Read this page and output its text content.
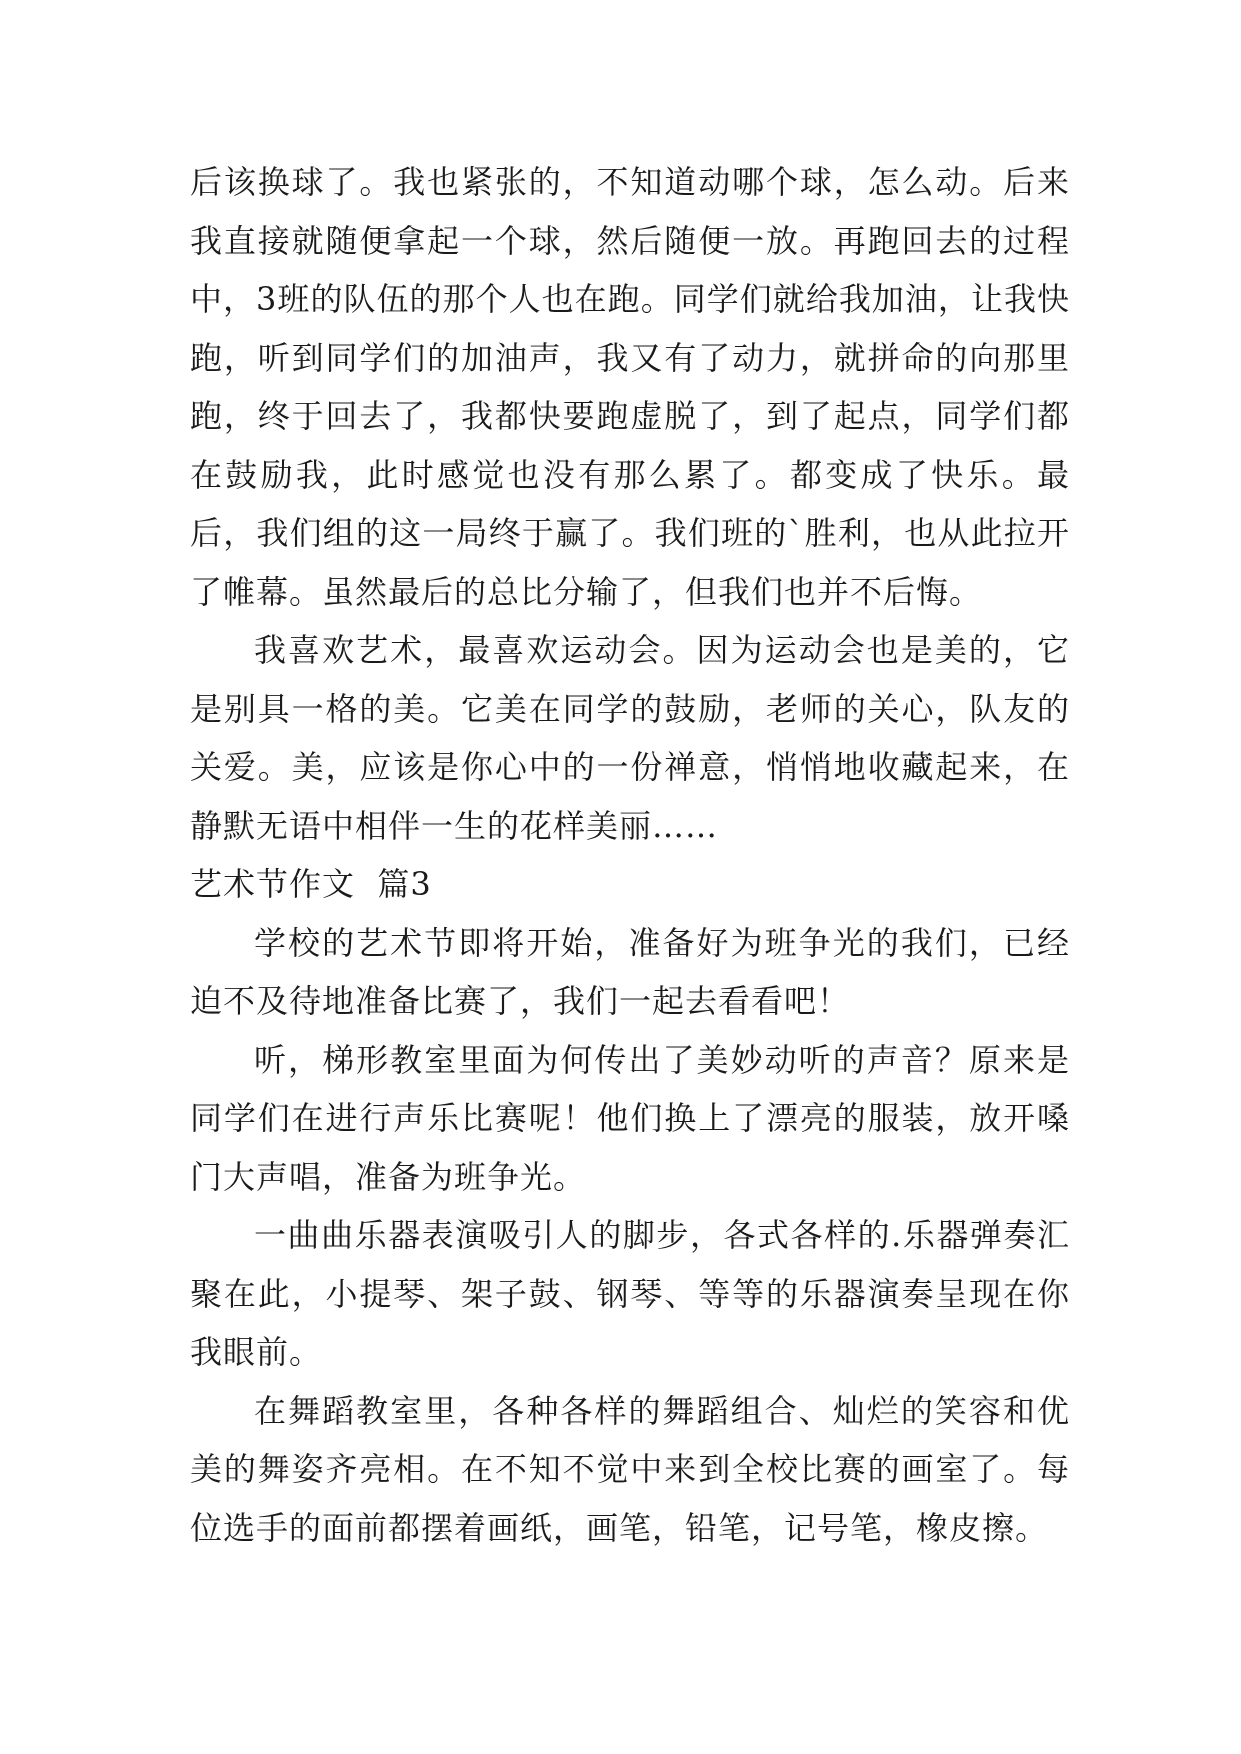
后该换球了。我也紧张的，不知道动哪个球，怎么动。后来我直接就随便拿起一个球，然后随便一放。再跑回去的过程中，3班的队伍的那个人也在跑。同学们就给我加油，让我快跑，听到同学们的加油声，我又有了动力，就拼命的向那里跑，终于回去了，我都快要跑虚脱了，到了起点，同学们都在鼓励我，此时感觉也没有那么累了。都变成了快乐。最后，我们组的这一局终于赢了。我们班的`胜利，也从此拉开了帷幕。虽然最后的总比分输了，但我们也并不后悔。

我喜欢艺术，最喜欢运动会。因为运动会也是美的，它是别具一格的美。它美在同学的鼓励，老师的关心，队友的关爱。美，应该是你心中的一份禅意，悄悄地收藏起来，在静默无语中相伴一生的花样美丽……

艺术节作文  篇3

学校的艺术节即将开始，准备好为班争光的我们，已经迫不及待地准备比赛了，我们一起去看看吧！

听，梯形教室里面为何传出了美妙动听的声音？原来是同学们在进行声乐比赛呢！他们换上了漂亮的服装，放开嗓门大声唱，准备为班争光。

一曲曲乐器表演吸引人的脚步，各式各样的.乐器弹奏汇聚在此，小提琴、架子鼓、钢琴、等等的乐器演奏呈现在你我眼前。

在舞蹈教室里，各种各样的舞蹈组合、灿烂的笑容和优美的舞姿齐亮相。在不知不觉中来到全校比赛的画室了。每位选手的面前都摆着画纸，画笔，铅笔，记号笔，橡皮擦。
